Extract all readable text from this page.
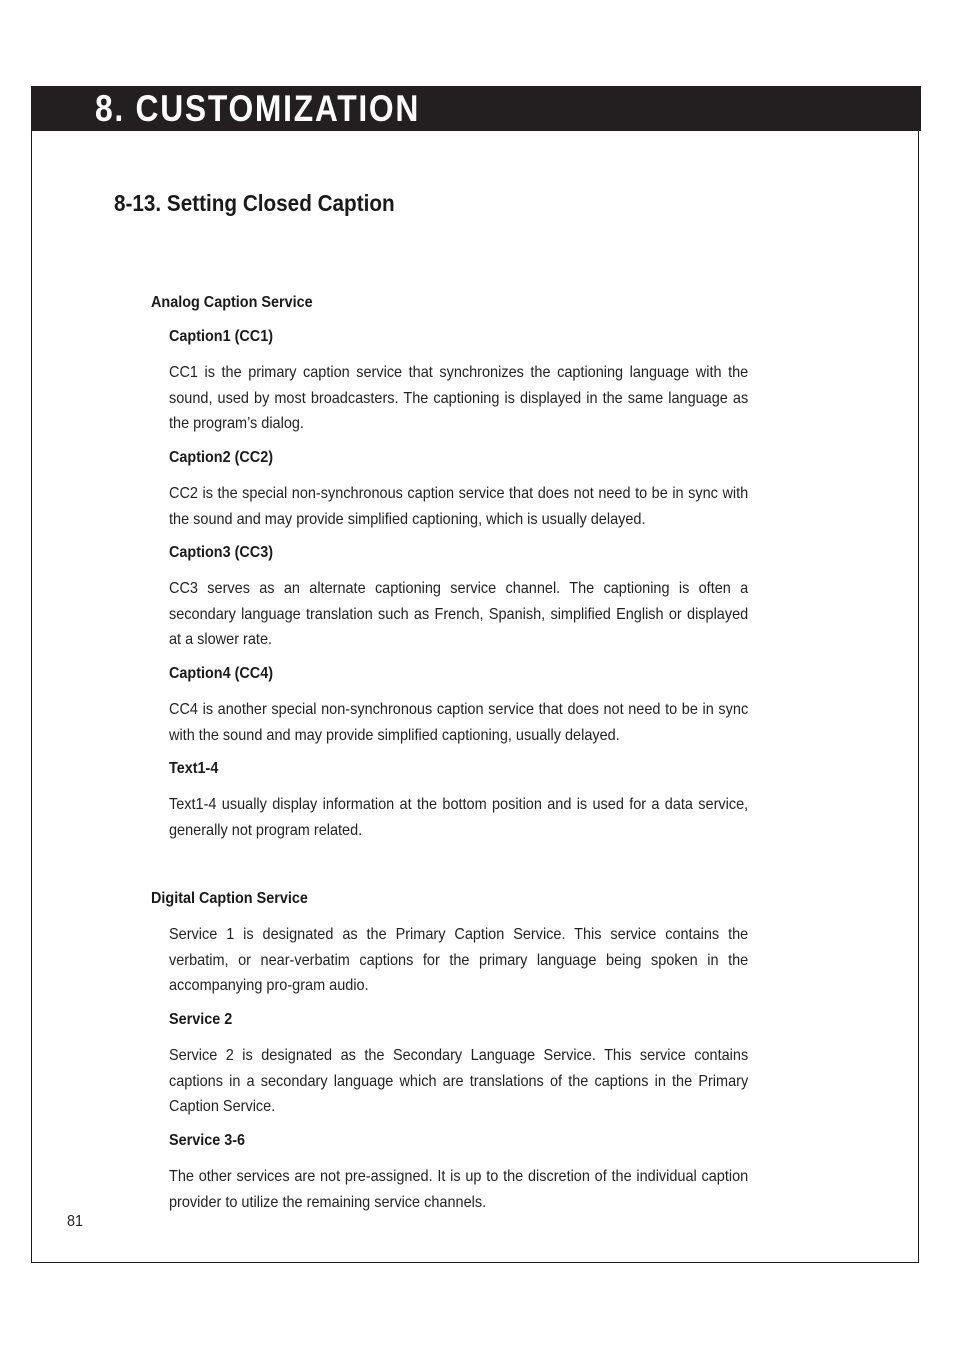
8. CUSTOMIZATION
8-13. Setting Closed Caption
Analog Caption Service
Caption1 (CC1)

CC1 is the primary caption service that synchronizes the captioning language with the sound, used by most broadcasters. The captioning is displayed in the same language as the program’s dialog.

Caption2 (CC2)

CC2 is the special non-synchronous caption service that does not need to be in sync with the sound and may provide simplified captioning, which is usually delayed.

Caption3 (CC3)

CC3 serves as an alternate captioning service channel. The captioning is often a secondary language translation such as French, Spanish, simplified English or displayed at a slower rate.

Caption4 (CC4)

CC4 is another special non-synchronous caption service that does not need to be in sync with the sound and may provide simplified captioning, usually delayed.

Text1-4

Text1-4 usually display information at the bottom position and is used for a data service, generally not program related.

Digital Caption Service

Service 1 is designated as the Primary Caption Service. This service contains the verbatim, or near-verbatim captions for the primary language being spoken in the accompanying pro-gram audio.

Service 2

Service 2 is designated as the Secondary Language Service. This service contains captions in a secondary language which are translations of the captions in the Primary Caption Service.

Service 3-6

The other services are not pre-assigned. It is up to the discretion of the individual caption provider to utilize the remaining service channels.

81
